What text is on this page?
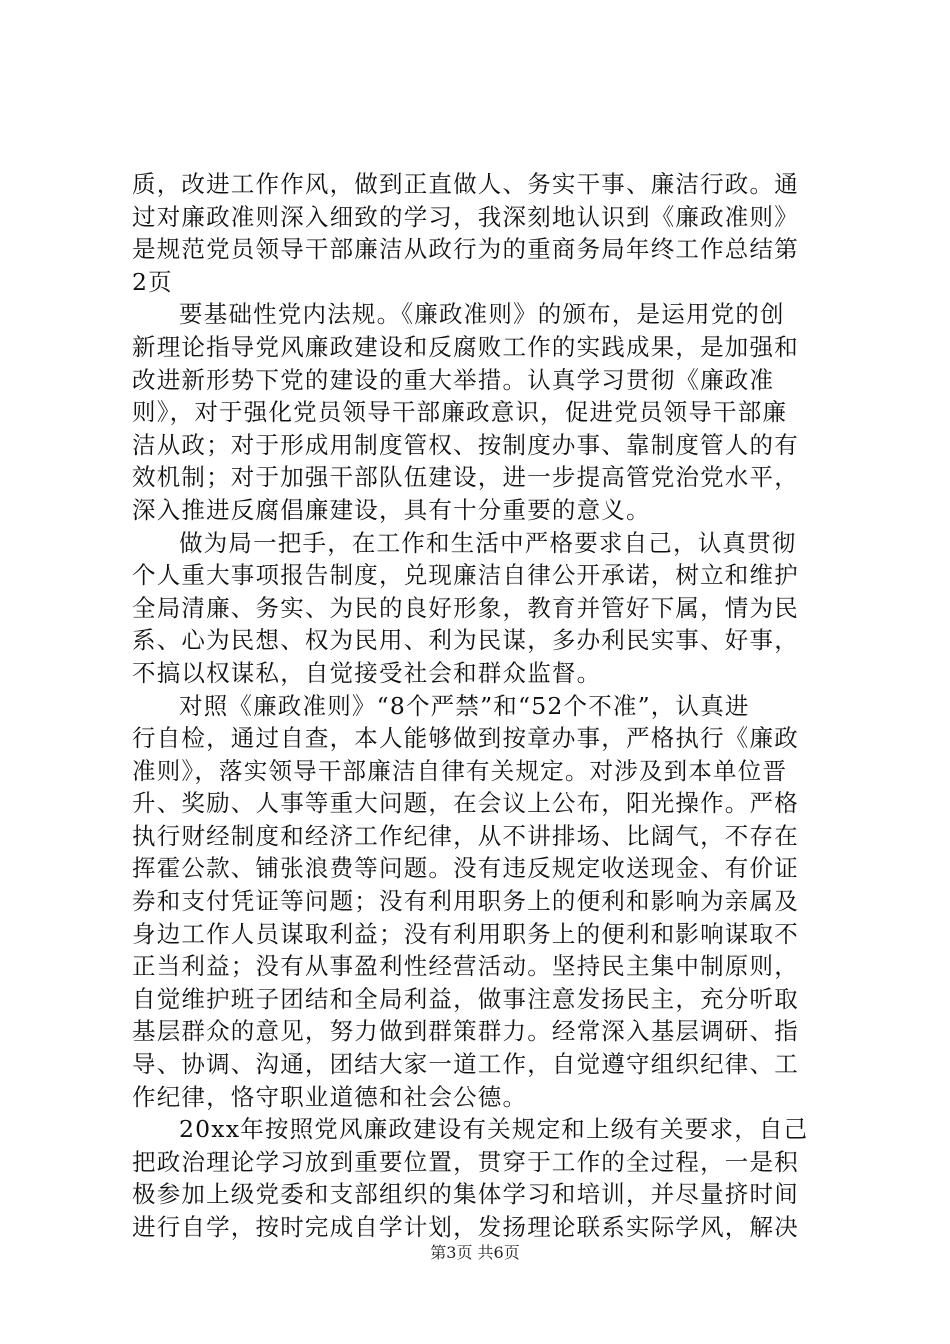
质，改进工作作风，做到正直做人、务实干事、廉洁行政。通
过对廉政准则深入细致的学习，我深刻地认识到《廉政准则》
是规范党员领导干部廉洁从政行为的重商务局年终工作总结第
2页
要基础性党内法规。《廉政准则》的颁布，是运用党的创
新理论指导党风廉政建设和反腐败工作的实践成果，是加强和
改进新形势下党的建设的重大举措。认真学习贯彻《廉政准
则》，对于强化党员领导干部廉政意识，促进党员领导干部廉
洁从政；对于形成用制度管权、按制度办事、靠制度管人的有
效机制；对于加强干部队伍建设，进一步提高管党治党水平，
深入推进反腐倡廉建设，具有十分重要的意义。
做为局一把手，在工作和生活中严格要求自己，认真贯彻
个人重大事项报告制度，兑现廉洁自律公开承诺，树立和维护
全局清廉、务实、为民的良好形象，教育并管好下属，情为民
系、心为民想、权为民用、利为民谋，多办利民实事、好事，
不搞以权谋私，自觉接受社会和群众监督。
对照《廉政准则》“8个严禁”和“52个不准”，认真进
行自检，通过自查，本人能够做到按章办事，严格执行《廉政
准则》，落实领导干部廉洁自律有关规定。对涉及到本单位晋
升、奖励、人事等重大问题，在会议上公布，阳光操作。严格
执行财经制度和经济工作纪律，从不讲排场、比阔气，不存在
挥霍公款、铺张浪费等问题。没有违反规定收送现金、有价证
券和支付凭证等问题；没有利用职务上的便利和影响为亲属及
身边工作人员谋取利益；没有利用职务上的便利和影响谋取不
正当利益；没有从事盈利性经营活动。坚持民主集中制原则，
自觉维护班子团结和全局利益，做事注意发扬民主，充分听取
基层群众的意见，努力做到群策群力。经常深入基层调研、指
导、协调、沟通，团结大家一道工作，自觉遵守组织纪律、工
作纪律，恪守职业道德和社会公德。
20xx年按照党风廉政建设有关规定和上级有关要求，自己
把政治理论学习放到重要位置，贯穿于工作的全过程，一是积
极参加上级党委和支部组织的集体学习和培训，并尽量挤时间
进行自学，按时完成自学计划，发扬理论联系实际学风，解决
第3页 共6页
